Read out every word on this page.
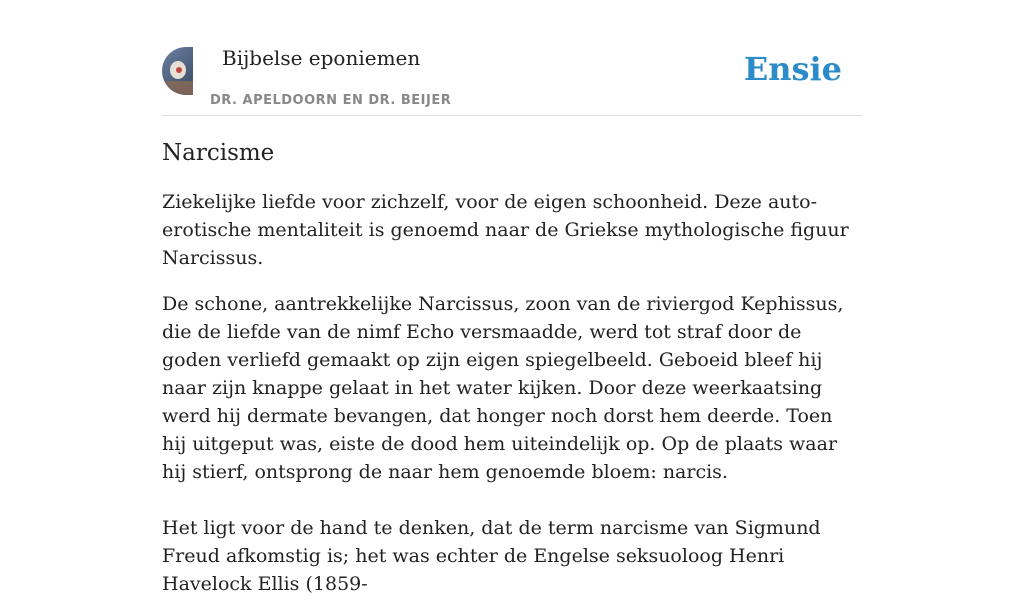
Bijbelse eponiemen
DR. APELDOORN EN DR. BEIJER
Ensie
Narcisme

Ziekelijke liefde voor zichzelf, voor de eigen schoonheid. Deze auto-erotische mentaliteit is genoemd naar de Griekse mythologische figuur Narcissus.

De schone, aantrekkelijke Narcissus, zoon van de riviergod Kephissus, die de liefde van de nimf Echo versmaadde, werd tot straf door de goden verliefd gemaakt op zijn eigen spiegelbeeld. Geboeid bleef hij naar zijn knappe gelaat in het water kijken. Door deze weerkaatsing werd hij dermate bevangen, dat honger noch dorst hem deerde. Toen hij uitgeput was, eiste de dood hem uiteindelijk op. Op de plaats waar hij stierf, ontsprong de naar hem genoemde bloem: narcis.

Het ligt voor de hand te denken, dat de term narcisme van Sigmund Freud afkomstig is; het was echter de Engelse seksuoloog Henri Havelock Ellis (1859-
